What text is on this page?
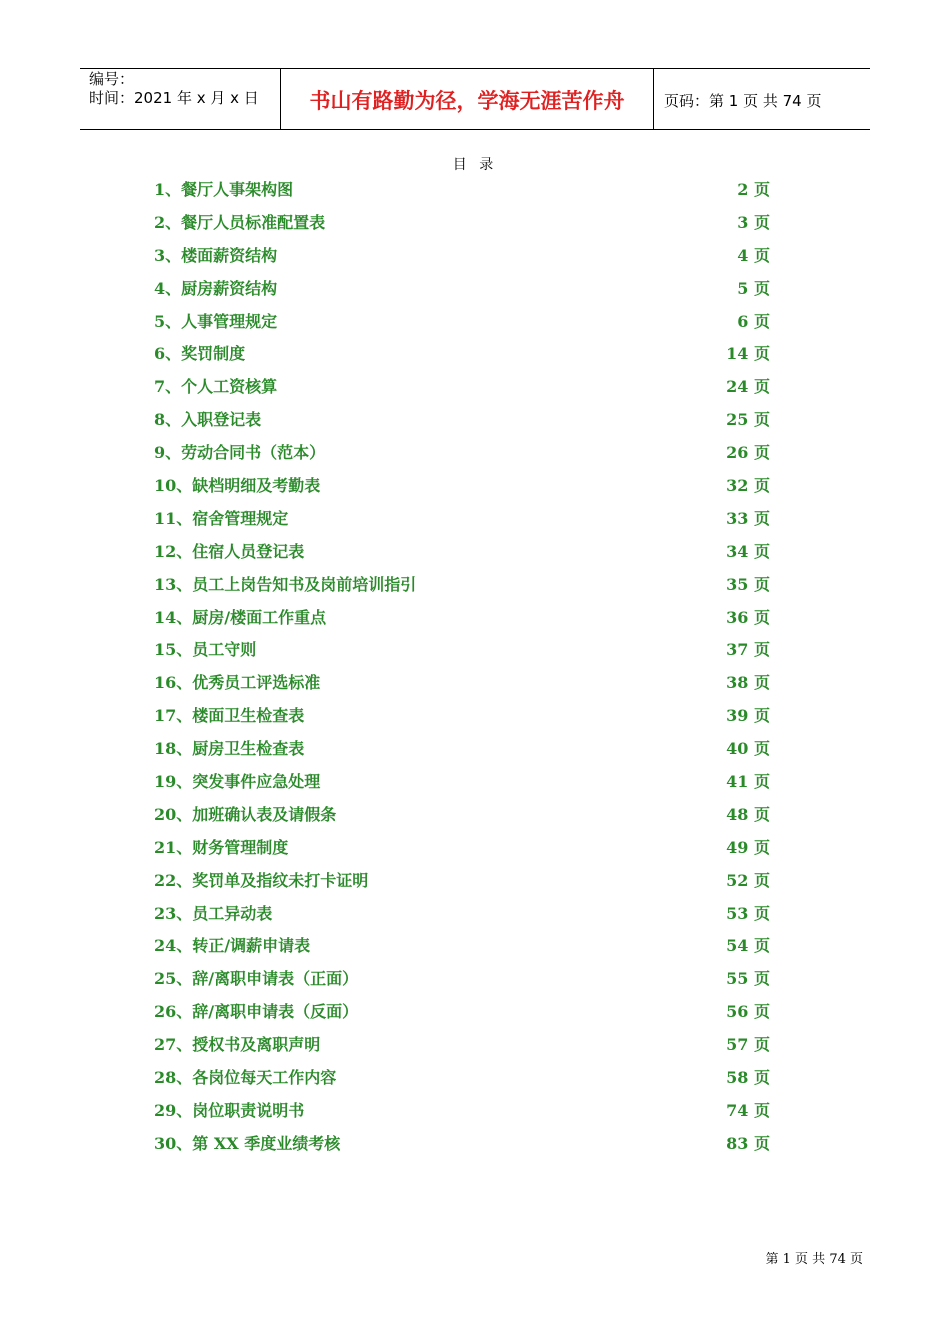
编号：
时间：2021 年 x 月 x 日	书山有路勤为径，学海无涯苦作舟	页码：第 1 页 共 74 页
目 录
1、餐厅人事架构图	2 页
2、餐厅人员标准配置表	3 页
3、楼面薪资结构	4 页
4、厨房薪资结构	5 页
5、人事管理规定	6 页
6、奖罚制度	14 页
7、个人工资核算	24 页
8、入职登记表	25 页
9、劳动合同书（范本）	26 页
10、缺档明细及考勤表	32 页
11、宿舍管理规定	33 页
12、住宿人员登记表	34 页
13、员工上岗告知书及岗前培训指引	35 页
14、厨房/楼面工作重点	36 页
15、员工守则	37 页
16、优秀员工评选标准	38 页
17、楼面卫生检查表	39 页
18、厨房卫生检查表	40 页
19、突发事件应急处理	41 页
20、加班确认表及请假条	48 页
21、财务管理制度	49 页
22、奖罚单及指纹未打卡证明	52 页
23、员工异动表	53 页
24、转正/调薪申请表	54 页
25、辞/离职申请表（正面）	55 页
26、辞/离职申请表（反面）	56 页
27、授权书及离职声明	57 页
28、各岗位每天工作内容	58 页
29、岗位职责说明书	74 页
30、第 XX 季度业绩考核	83 页
第 1 页 共 74 页
